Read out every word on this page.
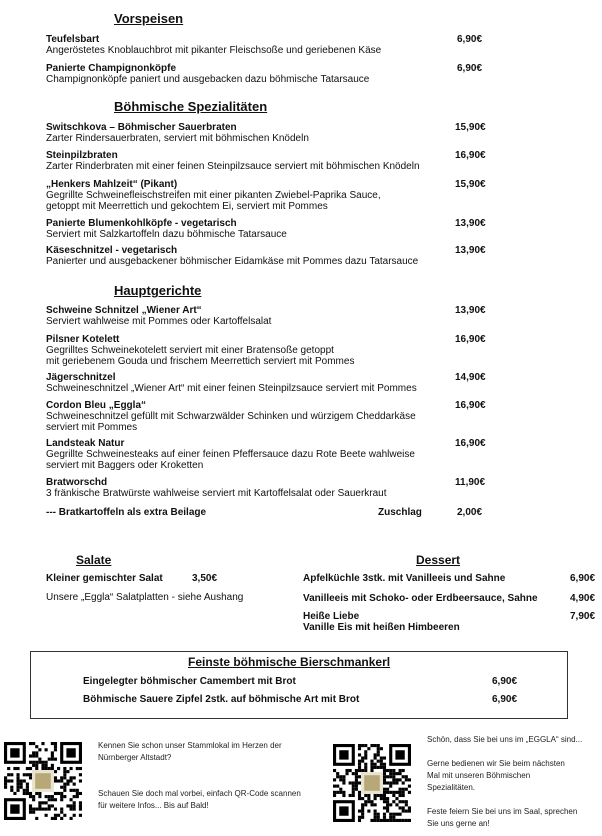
Vorspeisen
Teufelsbart
Angeröstetes Knoblauchbrot mit pikanter Fleischsoße und geriebenen Käse
6,90€
Panierte Champignonköpfe
Champignonköpfe paniert und ausgebacken dazu böhmische Tatarsauce
6,90€
Böhmische Spezialitäten
Switschkova – Böhmischer Sauerbraten
Zarter Rindersauerbraten, serviert mit böhmischen Knödeln
15,90€
Steinpilzbraten
Zarter Rinderbraten mit einer feinen Steinpilzsauce serviert mit böhmischen Knödeln
16,90€
„Henkers Mahlzeit“ (Pikant)
Gegrillte Schweinefleischstreifen mit einer pikanten Zwiebel-Paprika Sauce,
getoppt mit Meerrettich und gekochtem Ei, serviert mit Pommes
15,90€
Panierte Blumenkohlköpfe - vegetarisch
Serviert mit Salzkartoffeln dazu böhmische Tatarsauce
13,90€
Käseschnitzel - vegetarisch
Panierter und ausgebackener böhmischer Eidamkäse mit Pommes dazu Tatarsauce
13,90€
Hauptgerichte
Schweine Schnitzel „Wiener Art“
Serviert wahlweise mit Pommes oder Kartoffelsalat
13,90€
Pilsner Kotelett
Gegrilltes Schweinekotelett serviert mit einer Bratensoße getoppt
mit geriebenem Gouda und frischem Meerrettich serviert mit Pommes
16,90€
Jägerschnitzel
Schweineschnitzel „Wiener Art“ mit einer feinen Steinpilzsauce serviert mit Pommes
14,90€
Cordon Bleu „Eggla“
Schweineschnitzel gefüllt mit Schwarzwälder Schinken und würzigem Cheddarkäse
serviert mit Pommes
16,90€
Landsteak Natur
Gegrillte Schweinesteaks auf einer feinen Pfeffersauce dazu Rote Beete wahlweise
serviert mit Baggers oder Kroketten
16,90€
Bratworschd
3 fränkische Bratwürste wahlweise serviert mit Kartoffelsalat oder Sauerkraut
11,90€
--- Bratkartoffeln als extra Beilage	Zuschlag	2,00€
Salate
Kleiner gemischter Salat	3,50€
Unsere „Eggla“ Salatplatten - siehe Aushang
Dessert
Apfelküchle 3stk. mit Vanilleeis und Sahne	6,90€
Vanilleeis mit Schoko- oder Erdbeersauce, Sahne	4,90€
Heiße Liebe
Vanille Eis mit heißen Himbeeren
7,90€
Feinste böhmische Bierschmankerl
Eingelegter böhmischer Camembert mit Brot	6,90€
Böhmische Sauere Zipfel 2stk. auf böhmische Art mit Brot	6,90€
Kennen Sie schon unser Stammlokal im Herzen der
Nürnberger Altstadt?
Schauen Sie doch mal vorbei, einfach QR-Code scannen
für weitere Infos... Bis auf Bald!
Schön, dass Sie bei uns im „EGGLA“ sind...
Gerne bedienen wir Sie beim nächsten
Mal mit unseren Böhmischen
Spezialitäten.
Feste feiern Sie bei uns im Saal, sprechen
Sie uns gerne an!
